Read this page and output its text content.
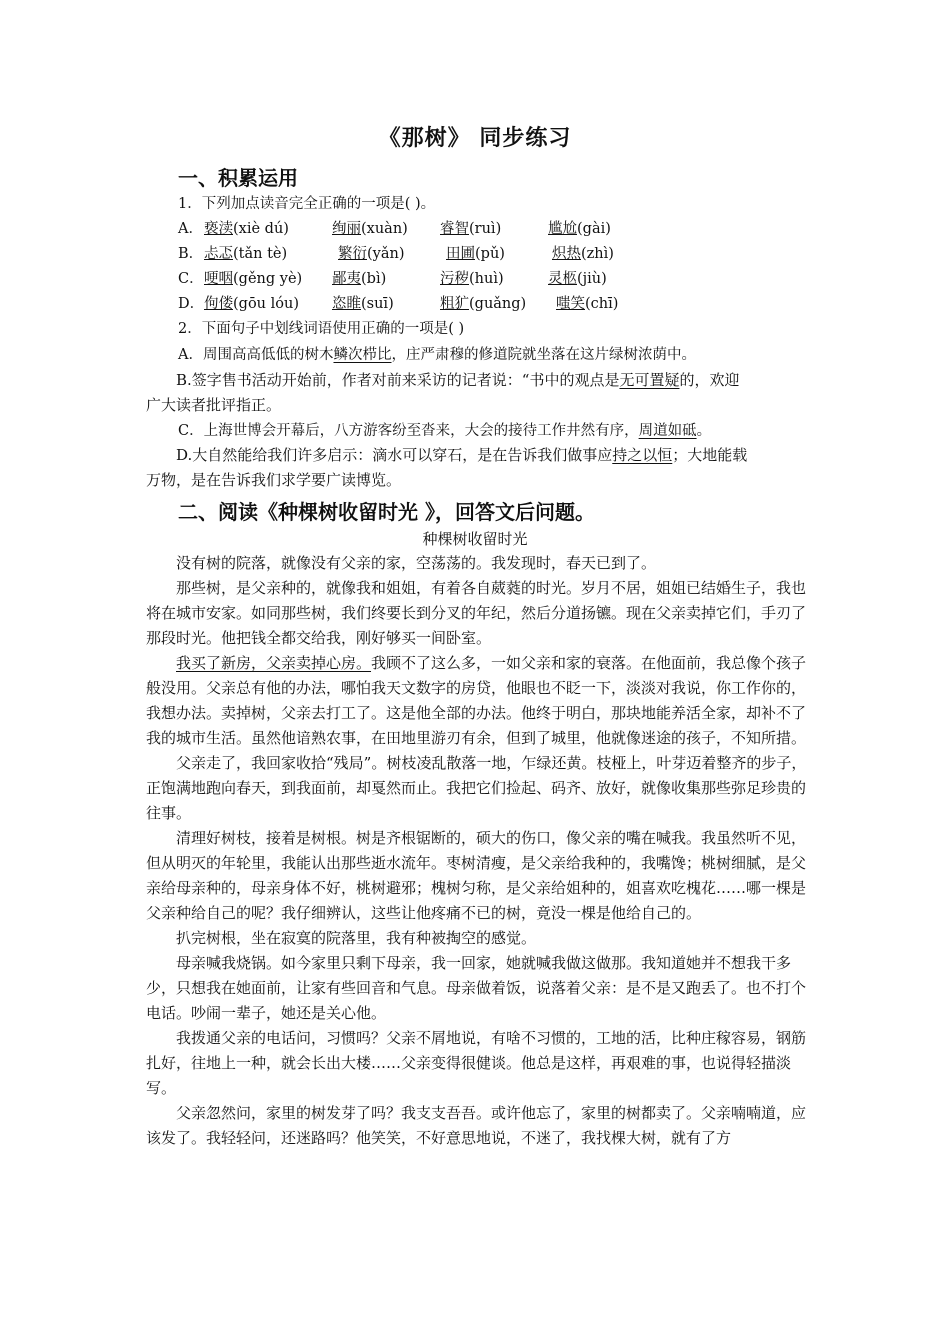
《那树》 同步练习
一、积累运用
1．下列加点读音完全正确的一项是( )。
A．亵渎(xiè dú)	绚丽(xuàn) 睿智(ruì)	尴尬(gài)
B．忐忑(tǎn tè)	繁衍(yǎn)	田圃(pǔ)	炽热(zhì)
C．哽咽(gěng yè) 鄙夷(bì)	污秽(huì)	灵柩(jiù)
D．佝偻(gōu lóu) 恣睢(suī)	粗犷(guǎng) 嗤笑(chī)
2．下面句子中划线词语使用正确的一项是( )
A．周围高高低低的树木鳞次栉比，庄严肃穆的修道院就坐落在这片绿树浓荫中。
B.签字售书活动开始前，作者对前来采访的记者说：“书中的观点是无可置疑的，欢迎
广大读者批评指正。
C．上海世博会开幕后，八方游客纷至沓来，大会的接待工作井然有序，周道如砥。
D.大自然能给我们许多启示：滴水可以穿石，是在告诉我们做事应持之以恒；大地能载
万物，是在告诉我们求学要广读博览。
二、阅读《种棵树收留时光 》，回答文后问题。
种棵树收留时光
没有树的院落，就像没有父亲的家，空荡荡的。我发现时，春天已到了。
那些树，是父亲种的，就像我和姐姐，有着各自葳蕤的时光。岁月不居，姐姐已结婚生子，我也将在城市安家。如同那些树，我们终要长到分叉的年纪，然后分道扬镳。现在父亲卖掉它们，手刃了那段时光。他把钱全都交给我，刚好够买一间卧室。
我买了新房，父亲卖掉心房。我顾不了这么多，一如父亲和家的衰落。在他面前，我总像个孩子般没用。父亲总有他的办法，哪怕我天文数字的房贷，他眼也不眨一下，淡淡对我说，你工作你的，我想办法。卖掉树，父亲去打工了。这是他全部的办法。他终于明白，那块地能养活全家，却补不了我的城市生活。虽然他谙熟农事，在田地里游刃有余，但到了城里，他就像迷途的孩子，不知所措。
父亲走了，我回家收拾“残局”。树枝凌乱散落一地，乍绿还黄。枝桠上，叶芽迈着整齐的步子，正饱满地跑向春天，到我面前，却戛然而止。我把它们捡起、码齐、放好，就像收集那些弥足珍贵的往事。
清理好树枝，接着是树根。树是齐根锯断的，硕大的伤口，像父亲的嘴在喊我。我虽然听不见，但从明灭的年轮里，我能认出那些逝水流年。枣树清瘦，是父亲给我种的，我嘴馋；桃树细腻，是父亲给母亲种的，母亲身体不好，桃树避邪；槐树匀称，是父亲给姐种的，姐喜欢吃槐花……哪一棵是父亲种给自己的呢？我仔细辨认，这些让他疼痛不已的树，竟没一棵是他给自己的。
扒完树根，坐在寂寞的院落里，我有种被掏空的感觉。
母亲喊我烧锅。如今家里只剩下母亲，我一回家，她就喊我做这做那。我知道她并不想我干多少，只想我在她面前，让家有些回音和气息。母亲做着饭，说落着父亲：是不是又跑丢了。也不打个电话。吵闹一辈子，她还是关心他。
我拨通父亲的电话问，习惯吗？父亲不屑地说，有啥不习惯的，工地的活，比种庄稼容易，钢筋扎好，往地上一种，就会长出大楼……父亲变得很健谈。他总是这样，再艰难的事，也说得轻描淡写。
父亲忽然问，家里的树发芽了吗？我支支吾吾。或许他忘了，家里的树都卖了。父亲喃喃道，应该发了。我轻轻问，还迷路吗？他笑笑，不好意思地说，不迷了，我找棵大树，就有了方
